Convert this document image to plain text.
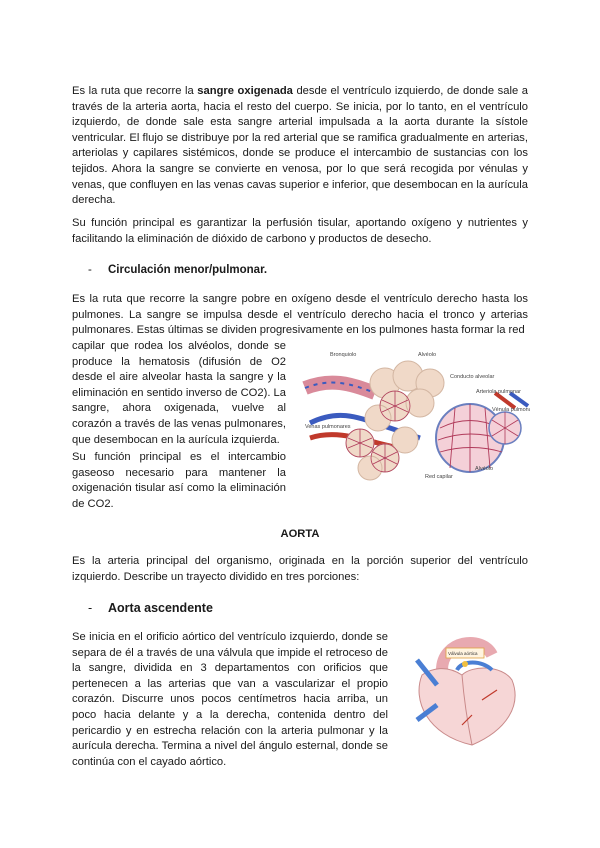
Es la ruta que recorre la sangre oxigenada desde el ventrículo izquierdo, de donde sale a través de la arteria aorta, hacia el resto del cuerpo. Se inicia, por lo tanto, en el ventrículo izquierdo, de donde sale esta sangre arterial impulsada a la aorta durante la sístole ventricular. El flujo se distribuye por la red arterial que se ramifica gradualmente en arterias, arteriolas y capilares sistémicos, donde se produce el intercambio de sustancias con los tejidos. Ahora la sangre se convierte en venosa, por lo que será recogida por vénulas y venas, que confluyen en las venas cavas superior e inferior, que desembocan en la aurícula derecha.

Su función principal es garantizar la perfusión tisular, aportando oxígeno y nutrientes y facilitando la eliminación de dióxido de carbono y productos de desecho.

- Circulación menor/pulmonar.

Es la ruta que recorre la sangre pobre en oxígeno desde el ventrículo derecho hasta los pulmones. La sangre se impulsa desde el ventrículo derecho hacia el tronco y arterias pulmonares. Estas últimas se dividen progresivamente en los pulmones hasta formar la red

capilar que rodea los alvéolos, donde se produce la hematosis (difusión de O2 desde el aire alveolar hasta la sangre y la eliminación en sentido inverso de CO2). La sangre, ahora oxigenada, vuelve al corazón a través de las venas pulmonares, que desembocan en la aurícula izquierda.

Su función principal es el intercambio gaseoso necesario para mantener la oxigenación tisular así como la eliminación de CO2.

Bronquiolo	Alvéolo
Conducto alveolar
Arteriola pulmonar
Vénula pulmonar
Venas pulmonares
Red capilar
Alvéolo
AORTA

Es la arteria principal del organismo, originada en la porción superior del ventrículo izquierdo. Describe un trayecto dividido en tres porciones:

- Aorta ascendente

Se inicia en el orificio aórtico del ventrículo izquierdo, donde se separa de él a través de una válvula que impide el retroceso de la sangre, dividida en 3 departamentos con orificios que pertenecen a las arterias que van a vascularizar el propio corazón. Discurre unos pocos centímetros hacia arriba, un poco hacia delante y a la derecha, contenida dentro del pericardio y en estrecha relación con la arteria pulmonar y la aurícula derecha. Termina a nivel del ángulo esternal, donde se continúa con el cayado aórtico.

Válvula aórtica
